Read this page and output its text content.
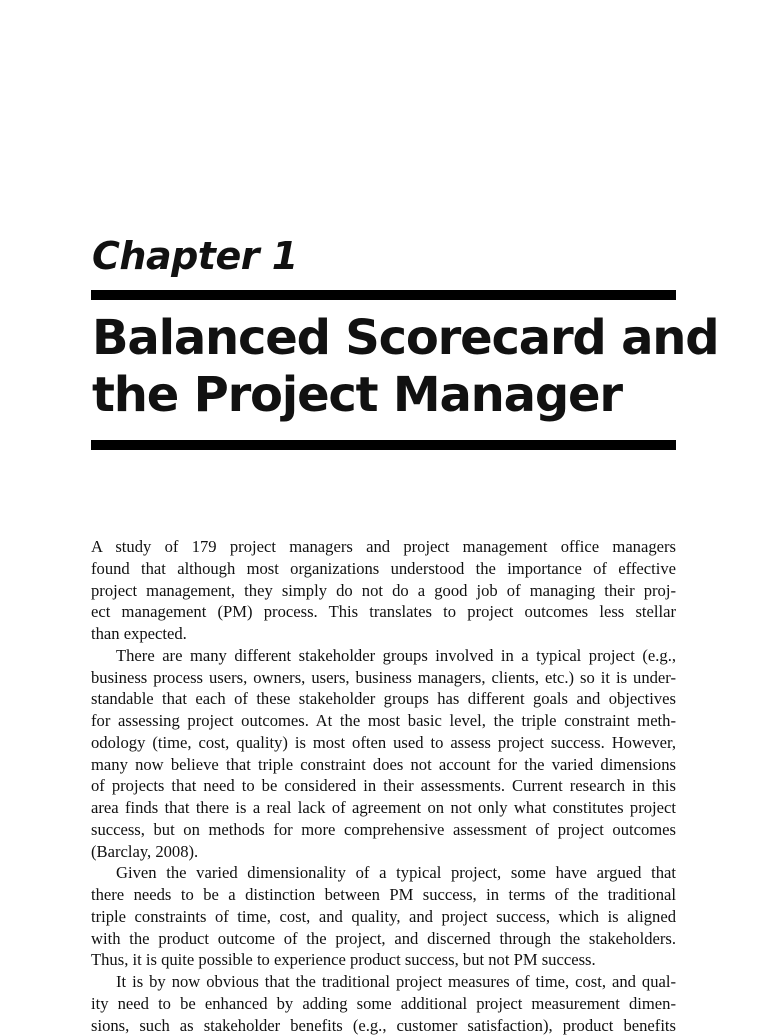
Chapter 1
Balanced Scorecard and
the Project Manager
A study of 179 project managers and project management office managers
found that although most organizations understood the importance of effective
project management, they simply do not do a good job of managing their proj-
ect management (PM) process. This translates to project outcomes less stellar
than expected.
There are many different stakeholder groups involved in a typical project (e.g.,
business process users, owners, users, business managers, clients, etc.) so it is under-
standable that each of these stakeholder groups has different goals and objectives
for assessing project outcomes. At the most basic level, the triple constraint meth-
odology (time, cost, quality) is most often used to assess project success. However,
many now believe that triple constraint does not account for the varied dimensions
of projects that need to be considered in their assessments. Current research in this
area finds that there is a real lack of agreement on not only what constitutes project
success, but on methods for more comprehensive assessment of project outcomes
(Barclay, 2008).
Given the varied dimensionality of a typical project, some have argued that
there needs to be a distinction between PM success, in terms of the traditional
triple constraints of time, cost, and quality, and project success, which is aligned
with the product outcome of the project, and discerned through the stakeholders.
Thus, it is quite possible to experience product success, but not PM success.
It is by now obvious that the traditional project measures of time, cost, and qual-
ity need to be enhanced by adding some additional project measurement dimen-
sions, such as stakeholder benefits (e.g., customer satisfaction), product benefits
